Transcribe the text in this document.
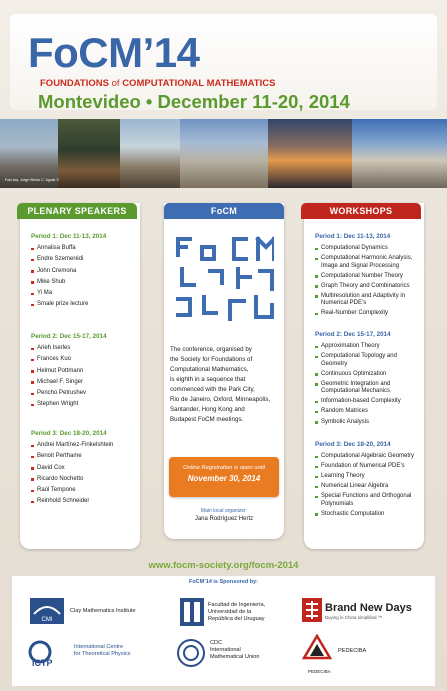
FoCM’14
FOUNDATIONS of COMPUTATIONAL MATHEMATICS
Montevideo • December 11-20, 2014
Foto Arq. Jorge Héctor C. Aguiar ©
PLENARY SPEAKERS
Period 1: Dec 11-13, 2014
Annalisa Buffa
Endre Szemerédi
John Cremona
Mike Shub
Yi Ma
Smale prize lecture
Period 2: Dec 15-17, 2014
Arieh Iserles
Frances Kuo
Helmut Pottmann
Michael F. Singer
Pencho Petrushev
Stephen Wright
Period 3: Dec 18-20, 2014
Andrei Martínez-Finkelshtein
Benoit Perthame
David Cox
Ricardo Nochetto
Raúl Tempone
Reinhold Schneider
FoCM
The conference, organised by
the Society for Foundations of
Computational Mathematics,
is eighth in a sequence that
commenced with the Park City,
Rio de Janeiro, Oxford, Minneapolis,
Santander, Hong Kong and
Budapest FoCM meetings.
Online Registration is open until
November 30, 2014
Main local organizer:
Jana Rodríguez Hertz
WORKSHOPS
Period 1: Dec 11-13, 2014
Computational Dynamics
Computational Harmonic Analysis, Image and Signal Processing
Computational Number Theory
Graph Theory and Combinatorics
Multiresolution and Adaptivity in Numerical PDE’s
Real-Number Complexity
Period 2: Dec 15-17, 2014
Approximation Theory
Computational Topology and Geometry
Continuous Optimization
Geometric Integration and Computational Mechanics
Information-based Complexity
Random Matrices
Symbolic Analysis
Period 3: Dec 18-20, 2014
Computational Algebraic Geometry
Foundation of Numerical PDE’s
Learning Theory
Numerical Linear Algebra
Special Functions and Orthogonal Polynomials
Stochastic Computation
www.focm-society.org/focm-2014
FoCM’14 is Sponsored by:
CMI
Clay Mathematics Institute
Facultad de Ingeniería,
Universidad de la
República del Uruguay
Brand New Days
Buying in China simplified ™
ICTP
International Centre
for Theoretical Physics
CDC
International
Mathematical Union
PEDECIBA
PEDECIBA
